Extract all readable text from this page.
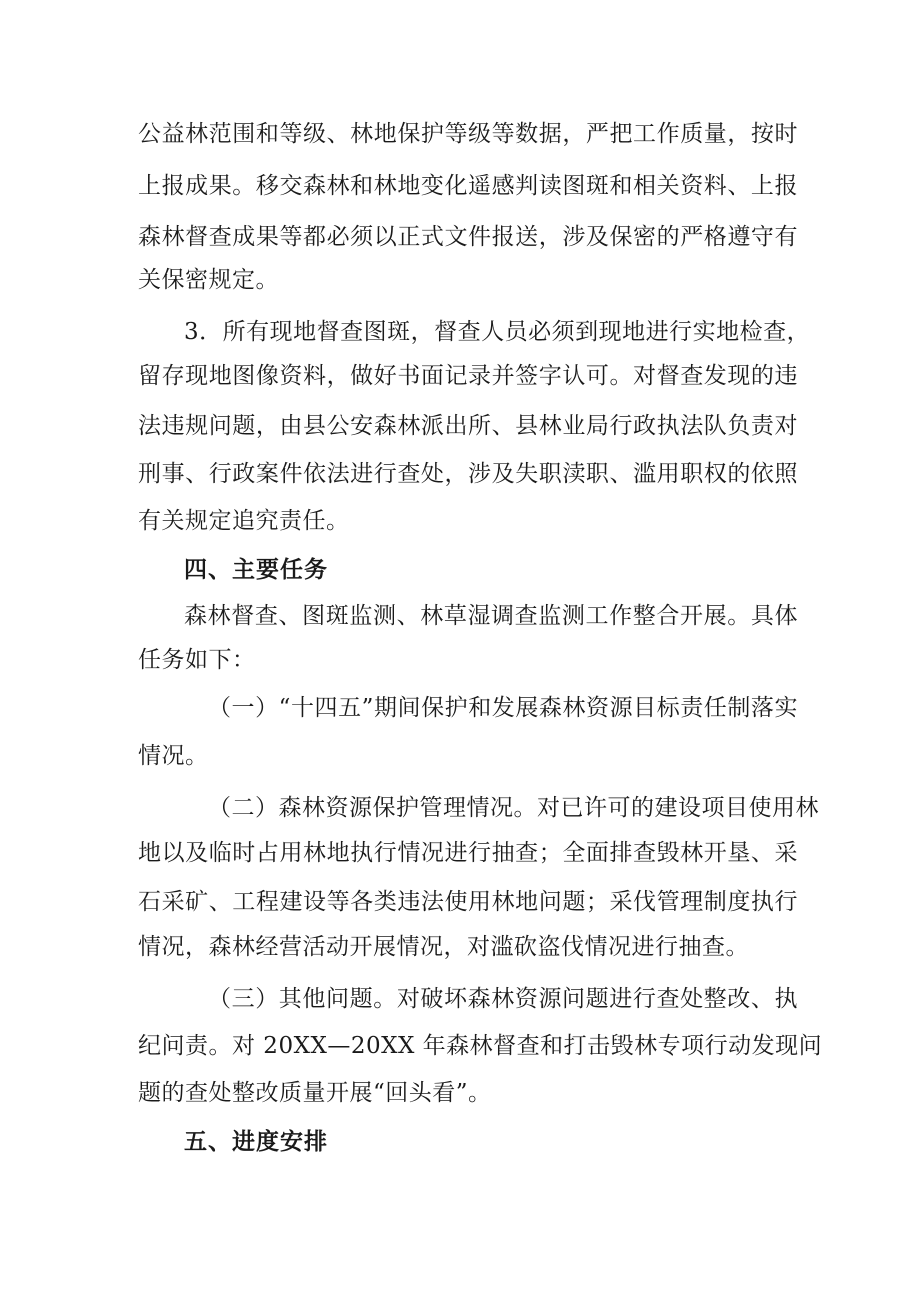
公益林范围和等级、林地保护等级等数据，严把工作质量，按时
上报成果。移交森林和林地变化遥感判读图斑和相关资料、上报
森林督查成果等都必须以正式文件报送，涉及保密的严格遵守有
关保密规定。
3．所有现地督查图斑，督查人员必须到现地进行实地检查，
留存现地图像资料，做好书面记录并签字认可。对督查发现的违
法违规问题，由县公安森林派出所、县林业局行政执法队负责对
刑事、行政案件依法进行查处，涉及失职渎职、滥用职权的依照
有关规定追究责任。
四、主要任务
森林督查、图斑监测、林草湿调查监测工作整合开展。具体
任务如下：
（一）“十四五”期间保护和发展森林资源目标责任制落实
情况。
（二）森林资源保护管理情况。对已许可的建设项目使用林
地以及临时占用林地执行情况进行抽查；全面排查毁林开垦、采
石采矿、工程建设等各类违法使用林地问题；采伐管理制度执行
情况，森林经营活动开展情况，对滥砍盗伐情况进行抽查。
（三）其他问题。对破坏森林资源问题进行查处整改、执
纪问责。对 20XX—20XX 年森林督查和打击毁林专项行动发现问
题的查处整改质量开展“回头看”。
五、进度安排
